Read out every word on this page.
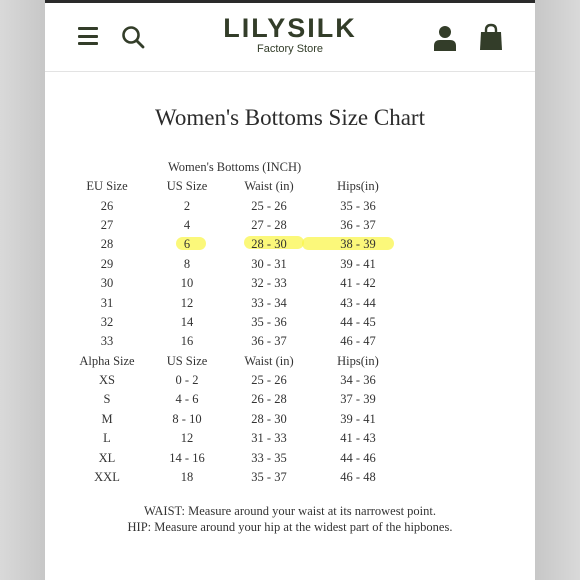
LILYSILK
Factory Store
Women's Bottoms Size Chart
Women's Bottoms (INCH)
EU Size	US Size	Waist (in)	Hips(in)
26	2	25 - 26	35 - 36
27	4	27 - 28	36 - 37
28	6	28 - 30	38 - 39
29	8	30 - 31	39 - 41
30	10	32 - 33	41 - 42
31	12	33 - 34	43 - 44
32	14	35 - 36	44 - 45
33	16	36 - 37	46 - 47
Alpha Size	US Size	Waist (in)	Hips(in)
XS	0 - 2	25 - 26	34 - 36
S	4 - 6	26 - 28	37 - 39
M	8 - 10	28 - 30	39 - 41
L	12	31 - 33	41 - 43
XL	14 - 16	33 - 35	44 - 46
XXL	18	35 - 37	46 - 48
WAIST: Measure around your waist at its narrowest point.
HIP: Measure around your hip at the widest part of the hipbones.
